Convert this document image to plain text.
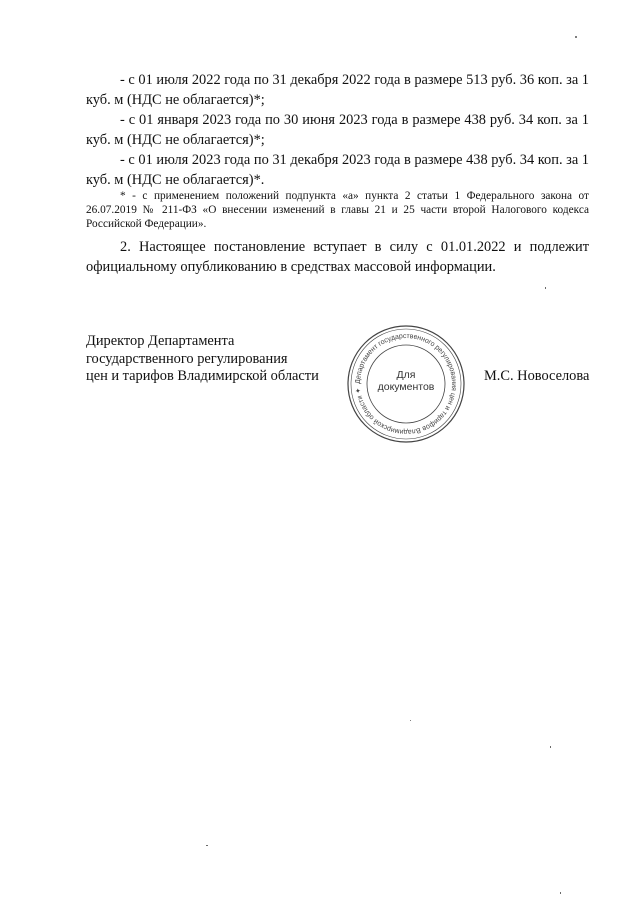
- с 01 июля 2022 года по 31 декабря 2022 года в размере 513 руб. 36 коп. за 1 куб. м (НДС не облагается)*;

- с 01 января 2023 года по 30 июня 2023 года в размере 438 руб. 34 коп. за 1 куб. м (НДС не облагается)*;

- с 01 июля 2023 года по 31 декабря 2023 года в размере 438 руб. 34 коп. за 1 куб. м (НДС не облагается)*.

* - с применением положений подпункта «а» пункта 2 статьи 1 Федерального закона от 26.07.2019 № 211-ФЗ «О внесении изменений в главы 21 и 25 части второй Налогового кодекса Российской Федерации».

2. Настоящее постановление вступает в силу с 01.01.2022 и подлежит официальному опубликованию в средствах массовой информации.

Директор Департамента
государственного регулирования
цен и тарифов Владимирской области	Департамент государственного регулирования цен и тарифов Владимирской области ✦
Для
документов
М.С. Новоселова
